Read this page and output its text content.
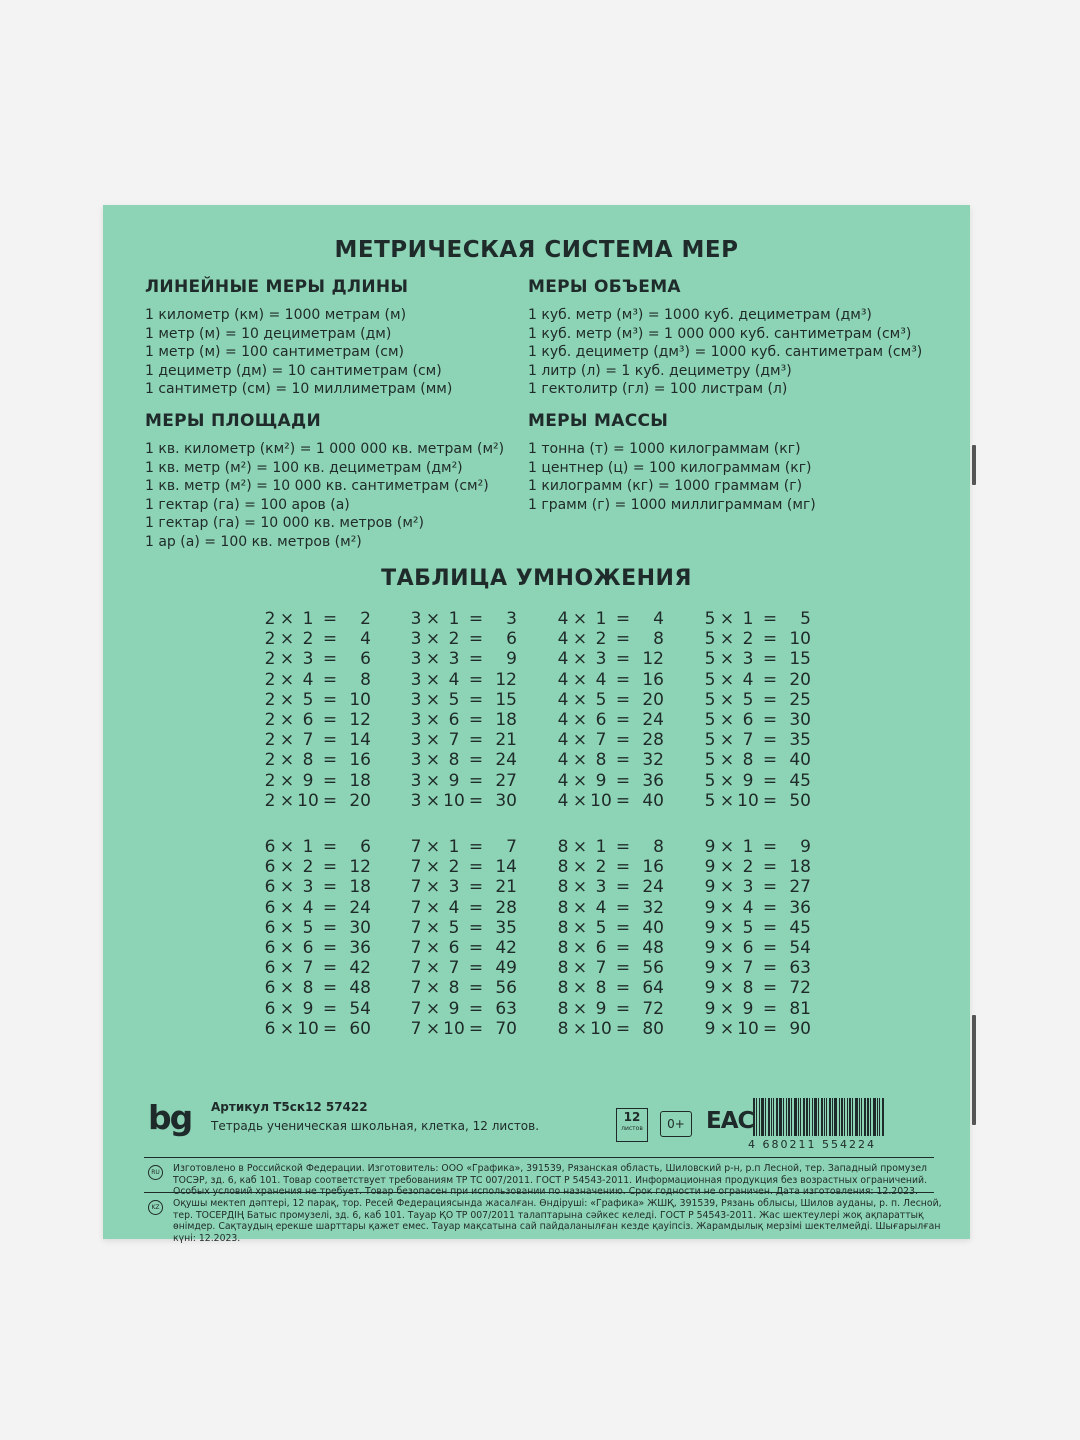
МЕТРИЧЕСКАЯ СИСТЕМА МЕР
ЛИНЕЙНЫЕ МЕРЫ ДЛИНЫ
1 километр (км) = 1000 метрам (м)
1 метр (м) = 10 дециметрам (дм)
1 метр (м) = 100 сантиметрам (см)
1 дециметр (дм) = 10 сантиметрам (см)
1 сантиметр (см) = 10 миллиметрам (мм)
МЕРЫ ОБЪЕМА
1 куб. метр (м³) = 1000 куб. дециметрам (дм³)
1 куб. метр (м³) = 1 000 000 куб. сантиметрам (см³)
1 куб. дециметр (дм³) = 1000 куб. сантиметрам (см³)
1 литр (л) = 1 куб. дециметру (дм³)
1 гектолитр (гл) = 100 листрам (л)
МЕРЫ ПЛОЩАДИ
1 кв. километр (км²) = 1 000 000 кв. метрам (м²)
1 кв. метр (м²) = 100 кв. дециметрам (дм²)
1 кв. метр (м²) = 10 000 кв. сантиметрам (см²)
1 гектар (га) = 100 аров (а)
1 гектар (га) = 10 000 кв. метров (м²)
1 ар (а) = 100 кв. метров (м²)
МЕРЫ МАССЫ
1 тонна (т) = 1000 килограммам (кг)
1 центнер (ц) = 100 килограммам (кг)
1 килограмм (кг) = 1000 граммам (г)
1 грамм (г) = 1000 миллиграммам (мг)
ТАБЛИЦА УМНОЖЕНИЯ
2 × 1 =	2
2 × 2 =	4
2 × 3 =	6
2 × 4 =	8
2 × 5 = 10
2 × 6 = 12
2 × 7 = 14
2 × 8 = 16
2 × 9 = 18
2 × 10 = 20
3 × 1 =	3
3 × 2 =	6
3 × 3 =	9
3 × 4 = 12
3 × 5 = 15
3 × 6 = 18
3 × 7 = 21
3 × 8 = 24
3 × 9 = 27
3 × 10 = 30
4 × 1 =	4
4 × 2 =	8
4 × 3 = 12
4 × 4 = 16
4 × 5 = 20
4 × 6 = 24
4 × 7 = 28
4 × 8 = 32
4 × 9 = 36
4 × 10 = 40
5 × 1 =	5
5 × 2 = 10
5 × 3 = 15
5 × 4 = 20
5 × 5 = 25
5 × 6 = 30
5 × 7 = 35
5 × 8 = 40
5 × 9 = 45
5 × 10 = 50
6 × 1 =	6
6 × 2 = 12
6 × 3 = 18
6 × 4 = 24
6 × 5 = 30
6 × 6 = 36
6 × 7 = 42
6 × 8 = 48
6 × 9 = 54
6 × 10 = 60
7 × 1 =	7
7 × 2 = 14
7 × 3 = 21
7 × 4 = 28
7 × 5 = 35
7 × 6 = 42
7 × 7 = 49
7 × 8 = 56
7 × 9 = 63
7 × 10 = 70
8 × 1 =	8
8 × 2 = 16
8 × 3 = 24
8 × 4 = 32
8 × 5 = 40
8 × 6 = 48
8 × 7 = 56
8 × 8 = 64
8 × 9 = 72
8 × 10 = 80
9 × 1 =	9
9 × 2 = 18
9 × 3 = 27
9 × 4 = 36
9 × 5 = 45
9 × 6 = 54
9 × 7 = 63
9 × 8 = 72
9 × 9 = 81
9 × 10 = 90
bg Артикул Т5ск12 57422
Тетрадь ученическая школьная, клетка, 12 листов.
12
листов	0+ EAC
4 680211 554224
RU	Изготовлено в Российской Федерации. Изготовитель: ООО «Графика», 391539, Рязанская область, Шиловский р-н, р.п Лесной, тер. Западный промузел ТОСЭР, зд. 6, каб 101. Товар соответствует требованиям ТР ТС 007/2011. ГОСТ Р 54543-2011. Информационная продукция без возрастных ограничений. Особых условий хранения не требует. Товар безопасен при использовании по назначению. Срок годности не ограничен. Дата изготовления: 12.2023.
KZ	Оқушы мектеп дәптері, 12 парақ, тор. Ресей Федерациясында жасалған. Өндіруші: «Графика» ЖШҚ, 391539, Рязань облысы, Шилов ауданы, р. п. Лесной, тер. ТОСЕРДІҢ Батыс промузелі, зд. 6, каб 101. Тауар ҚО ТР 007/2011 талаптарына сәйкес келеді. ГОСТ Р 54543-2011. Жас шектеулері жоқ ақпараттық өнімдер. Сақтаудың ерекше шарттары қажет емес. Тауар мақсатына сай пайдаланылған кезде қауіпсіз. Жарамдылық мерзімі шектелмейді. Шығарылған күні: 12.2023.
